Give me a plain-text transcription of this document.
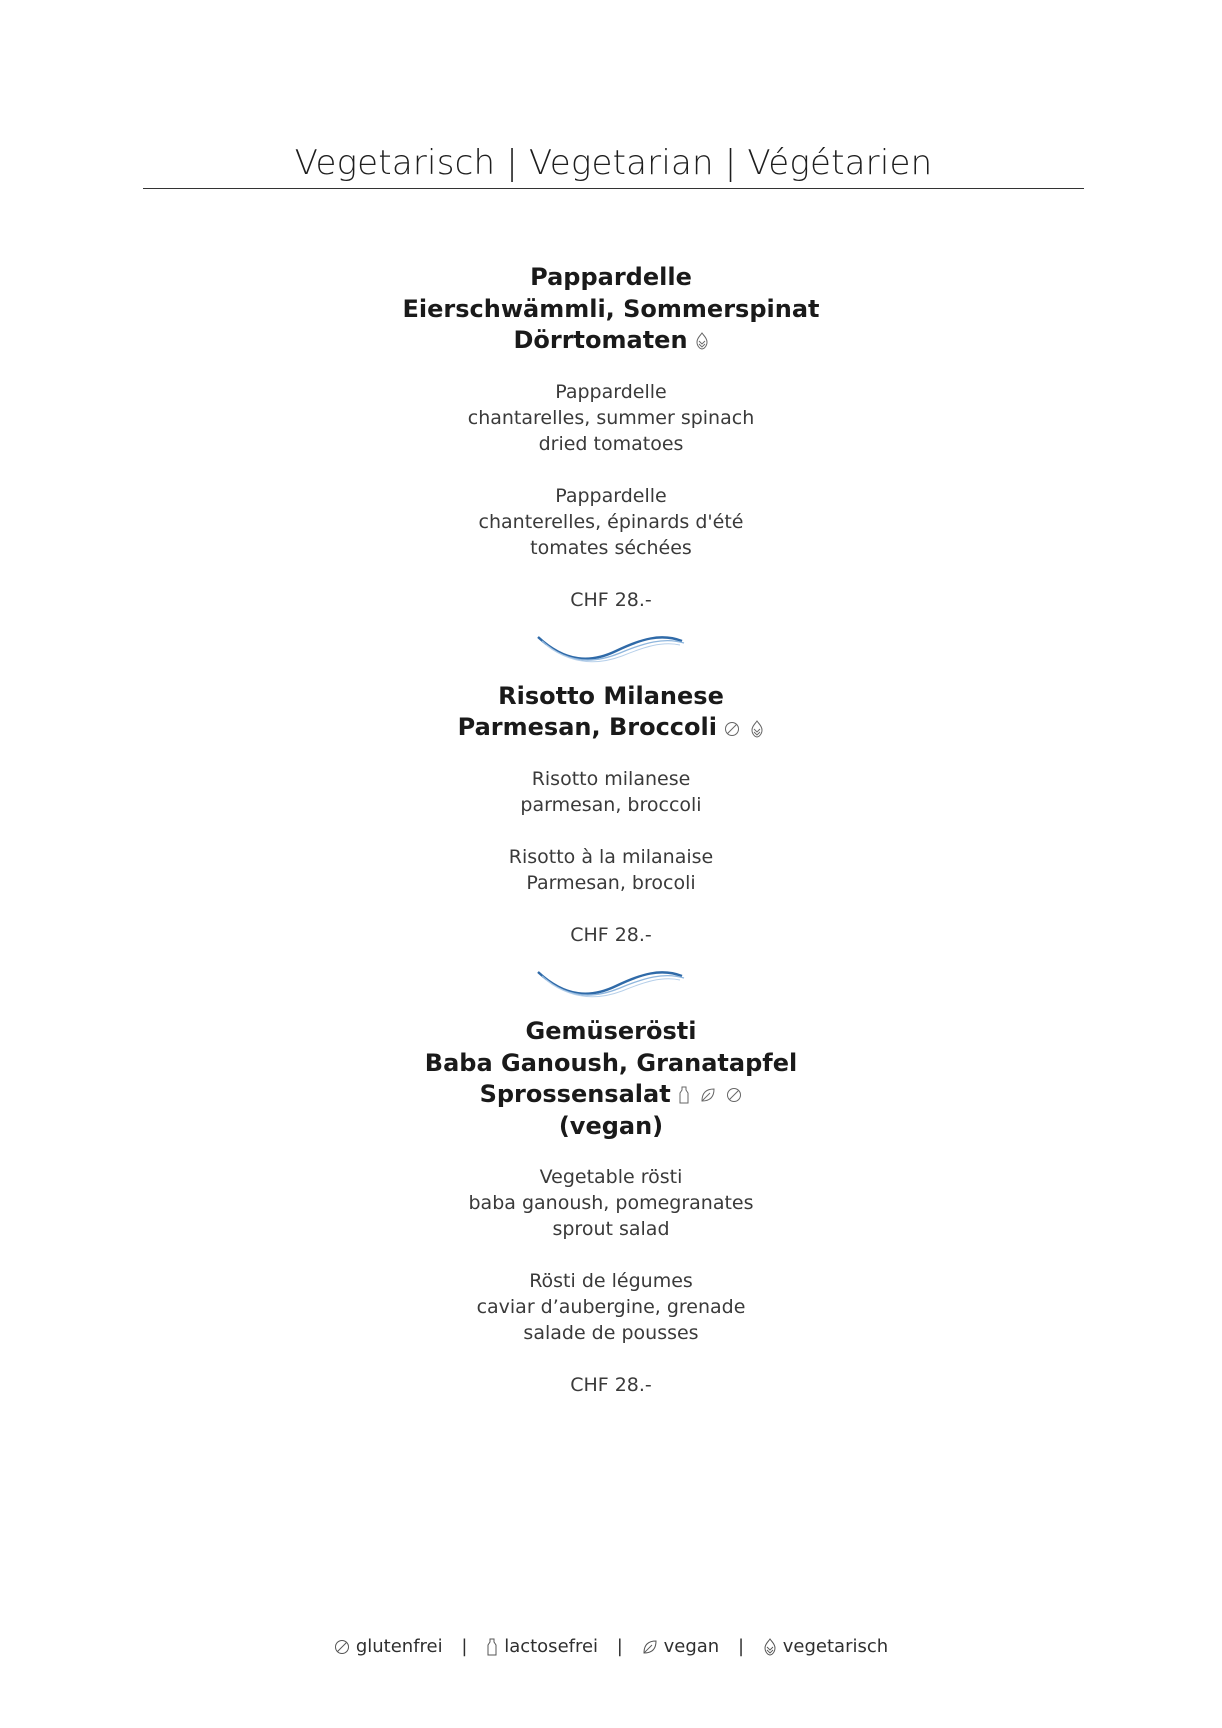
Vegetarisch | Vegetarian | Végétarien
Pappardelle
Eierschwämmli, Sommerspinat
Dörrtomaten
Pappardelle
chantarelles, summer spinach
dried tomatoes
Pappardelle
chanterelles, épinards d'été
tomates séchées
CHF 28.-
Risotto Milanese
Parmesan, Broccoli
Risotto milanese
parmesan, broccoli
Risotto à la milanaise
Parmesan, brocoli
CHF 28.-
Gemüserösti
Baba Ganoush, Granatapfel
Sprossensalat
(vegan)
Vegetable rösti
baba ganoush, pomegranates
sprout salad
Rösti de légumes
caviar d’aubergine, grenade
salade de pousses
CHF 28.-
glutenfrei | lactosefrei | vegan | vegetarisch
